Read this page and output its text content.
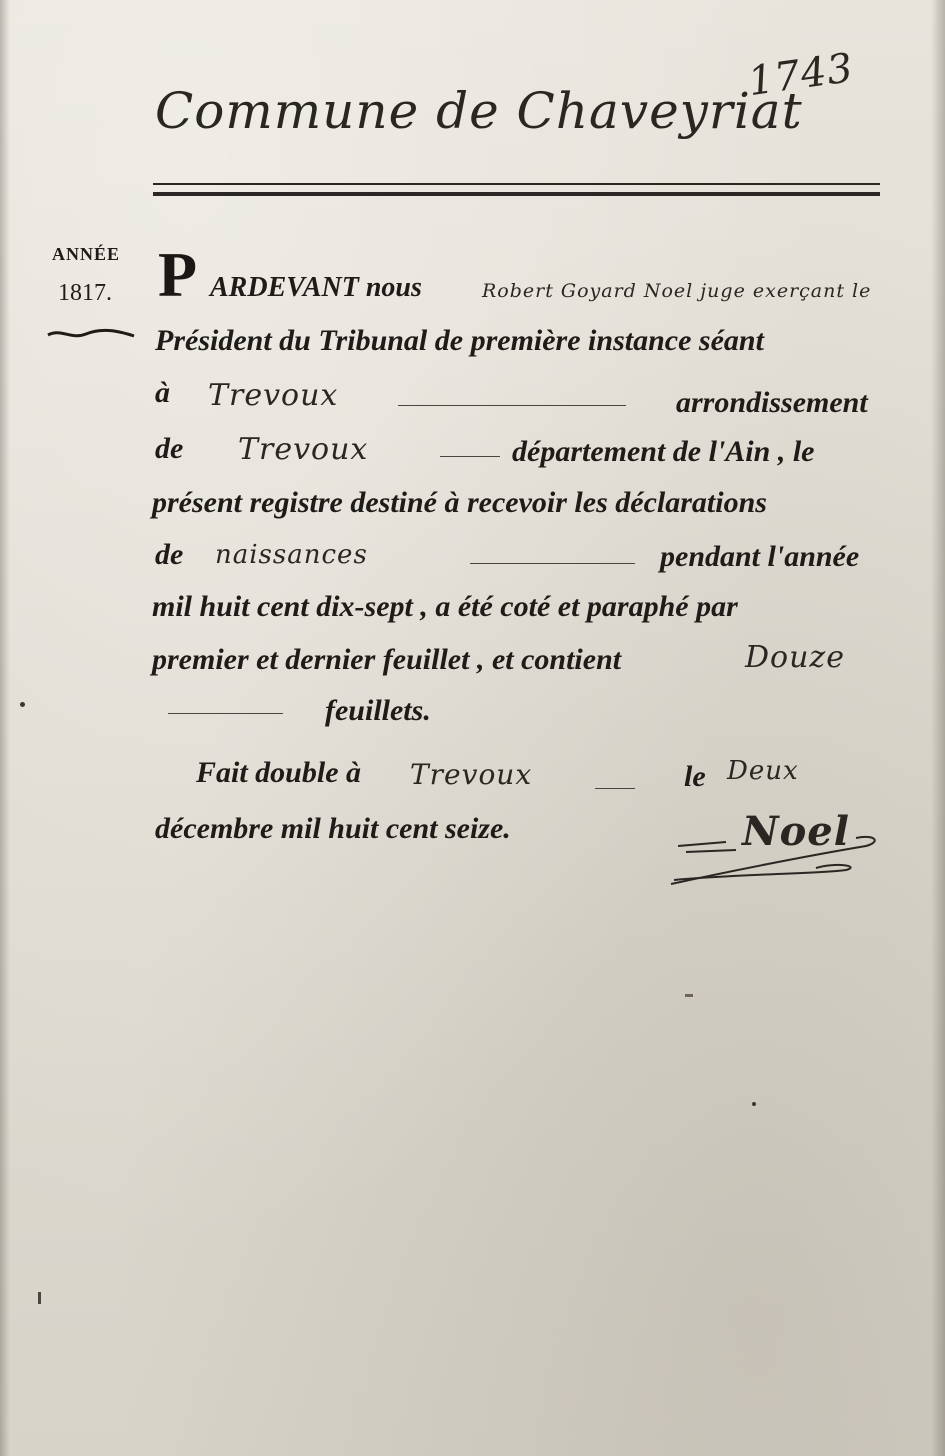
Commune de Chaveyriat
1743
ANNÉE
1817. P ARDEVANT nous	Robert Goyard Noel juge exerçant le
Président du Tribunal de première instance séant
à Trevoux	arrondissement
de Trevoux	département de l'Ain , le
présent registre destiné à recevoir les déclarations
de naissances	pendant l'année
mil huit cent dix-sept , a été coté et paraphé par
premier et dernier feuillet , et contient	Douze
feuillets.
Fait double à Trevoux	le Deux
décembre mil huit cent seize.	Noel
